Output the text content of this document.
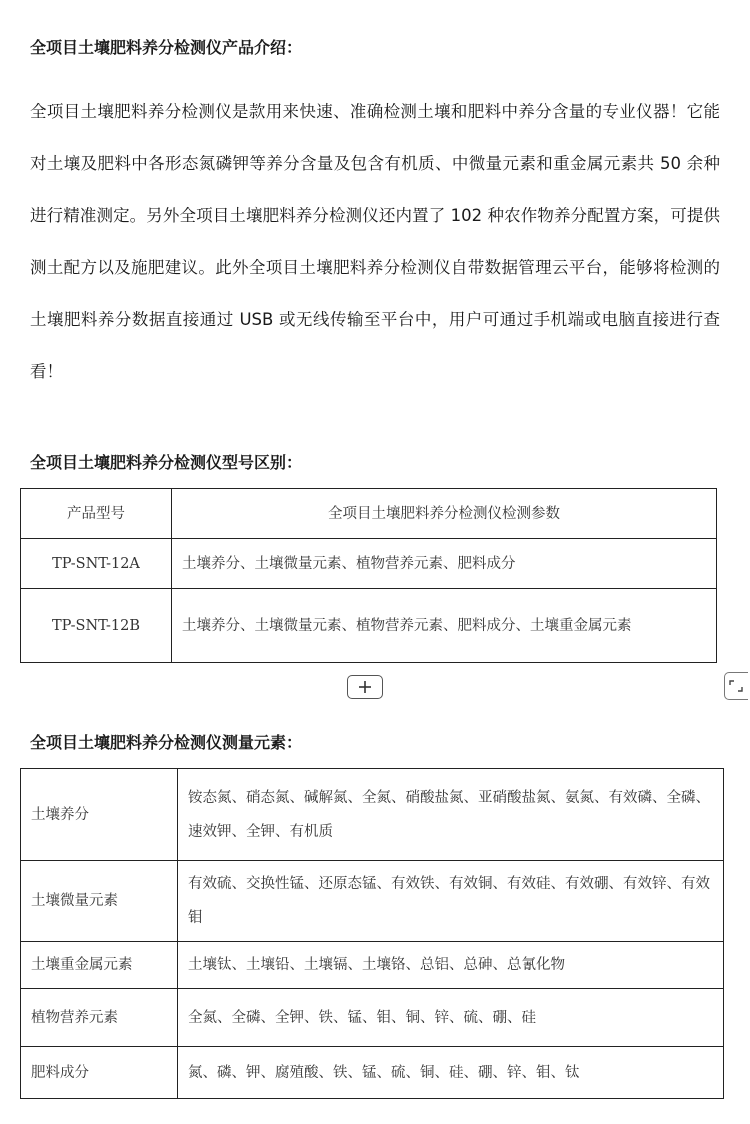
全项目土壤肥料养分检测仪产品介绍：

全项目土壤肥料养分检测仪是款用来快速、准确检测土壤和肥料中养分含量的专业仪器！它能对土壤及肥料中各形态氮磷钾等养分含量及包含有机质、中微量元素和重金属元素共 50 余种进行精准测定。另外全项目土壤肥料养分检测仪还内置了 102 种农作物养分配置方案，可提供测土配方以及施肥建议。此外全项目土壤肥料养分检测仪自带数据管理云平台，能够将检测的土壤肥料养分数据直接通过 USB 或无线传输至平台中，用户可通过手机端或电脑直接进行查看！

全项目土壤肥料养分检测仪型号区别：
产品型号	全项目土壤肥料养分检测仪检测参数
TP-SNT-12A	土壤养分、土壤微量元素、植物营养元素、肥料成分
TP-SNT-12B	土壤养分、土壤微量元素、植物营养元素、肥料成分、土壤重金属元素
全项目土壤肥料养分检测仪测量元素：
土壤养分	铵态氮、硝态氮、碱解氮、全氮、硝酸盐氮、亚硝酸盐氮、氨氮、有效磷、全磷、速效钾、全钾、有机质
土壤微量元素	有效硫、交换性锰、还原态锰、有效铁、有效铜、有效硅、有效硼、有效锌、有效钼
土壤重金属元素	土壤钛、土壤铅、土壤镉、土壤铬、总铝、总砷、总氰化物
植物营养元素	全氮、全磷、全钾、铁、锰、钼、铜、锌、硫、硼、硅
肥料成分	氮、磷、钾、腐殖酸、铁、锰、硫、铜、硅、硼、锌、钼、钛
